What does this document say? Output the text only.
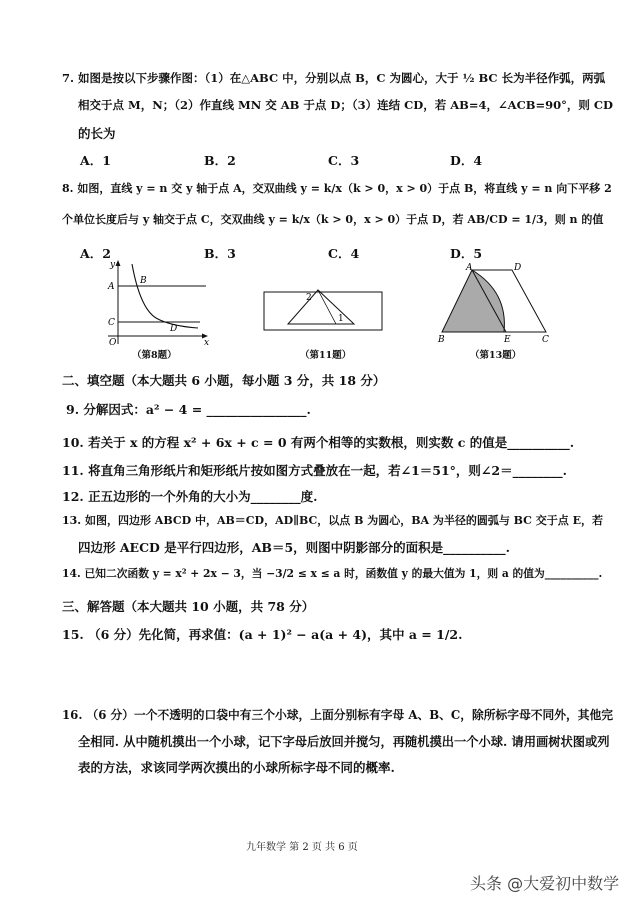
7. 如图是按以下步骤作图：（1）在△ABC 中，分别以点 B，C 为圆心，大于 ½ BC 长为半径作弧，两弧
相交于点 M，N；（2）作直线 MN 交 AB 于点 D；（3）连结 CD，若 AB=4，∠ACB=90°，则 CD
的长为
A．1	B．2	C．3	D．4
8. 如图，直线 y = n 交 y 轴于点 A，交双曲线 y = k/x（k > 0，x > 0）于点 B，将直线 y = n 向下平移 2
个单位长度后与 y 轴交于点 C，交双曲线 y = k/x（k > 0，x > 0）于点 D，若 AB/CD = 1/3，则 n 的值
A．2	B．3	C．4	D．5
y
x
A
B
C
D
O
（第8题）
2
1
（第11题）
A	D
B	E	C
（第13题）
二、填空题（本大题共 6 小题，每小题 3 分，共 18 分）
9. 分解因式：a² − 4 = ________________.
10. 若关于 x 的方程 x² + 6x + c = 0 有两个相等的实数根，则实数 c 的值是__________.
11. 将直角三角形纸片和矩形纸片按如图方式叠放在一起，若∠1＝51°，则∠2＝________.
12. 正五边形的一个外角的大小为________度.
13. 如图，四边形 ABCD 中，AB＝CD，AD∥BC，以点 B 为圆心，BA 为半径的圆弧与 BC 交于点 E，若
四边形 AECD 是平行四边形，AB＝5，则图中阴影部分的面积是__________.
14. 已知二次函数 y = x² + 2x − 3，当 −3/2 ≤ x ≤ a 时，函数值 y 的最大值为 1，则 a 的值为__________.
三、解答题（本大题共 10 小题，共 78 分）
15. （6 分）先化简，再求值：(a + 1)² − a(a + 4)，其中 a = 1/2.
16. （6 分）一个不透明的口袋中有三个小球，上面分别标有字母 A、B、C，除所标字母不同外，其他完
全相同. 从中随机摸出一个小球，记下字母后放回并搅匀，再随机摸出一个小球. 请用画树状图或列
表的方法，求该同学两次摸出的小球所标字母不同的概率.
九年数学 第 2 页 共 6 页
头条 @大爱初中数学
